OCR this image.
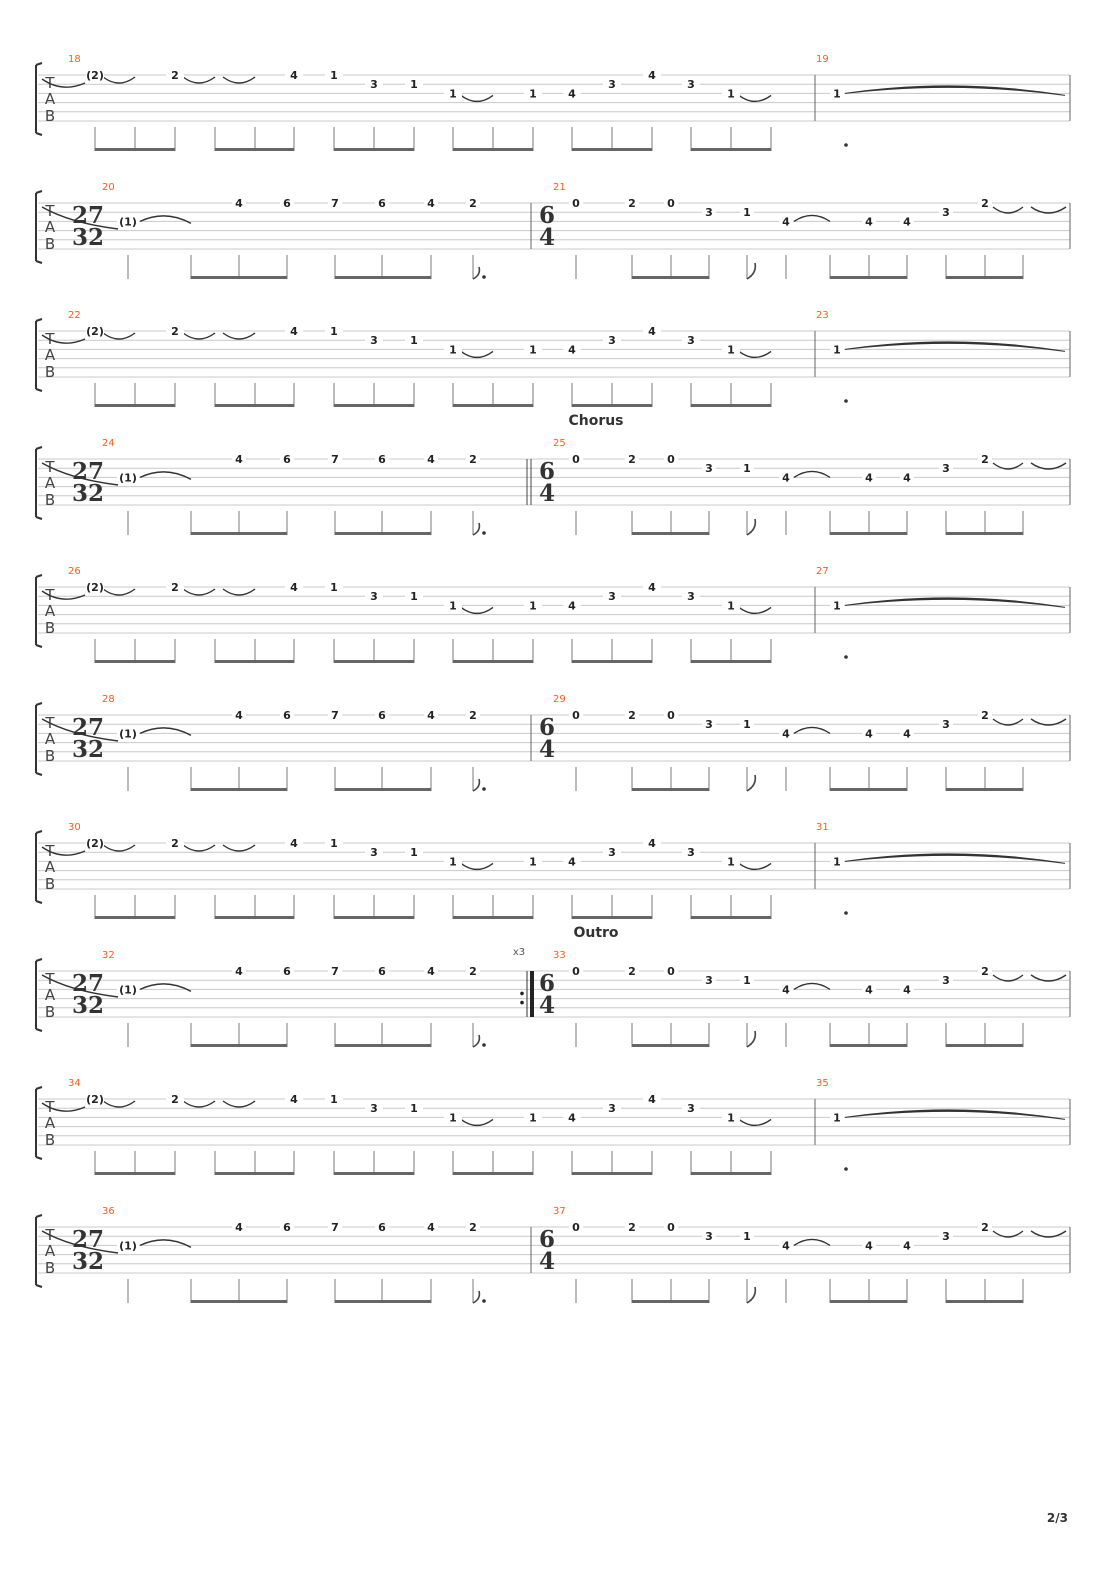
T
A
B
18	19
(2)	2	4	1
3	1
1	1	4
3
4
3
1	1
T
A
B
20	21
27
32
6
4
(1)
4	6	7	6	4	2	0	2	0
3	1
4	4	4
3
2
T
A
B
22	23
(2)	2	4	1
3	1
1	1	4
3
4
3
1	1
T
A
B
24	25
Chorus
27
32
6
4
(1)
4	6	7	6	4	2	0	2	0
3	1
4	4	4
3
2
T
A
B
26	27
(2)	2	4	1
3	1
1	1	4
3
4
3
1	1
T
A
B
28	29
27
32
6
4
(1)
4	6	7	6	4	2	0	2	0
3	1
4	4	4
3
2
T
A
B
30	31
(2)	2	4	1
3	1
1	1	4
3
4
3
1	1
T
A
B
32	33
Outro
x3
27
32
6
4
(1)
4	6	7	6	4	2	0	2	0
3	1
4	4	4
3
2
T
A
B
34	35
(2)	2	4	1
3	1
1	1	4
3
4
3
1	1
T
A
B
36	37
27
32
6
4
(1)
4	6	7	6	4	2	0	2	0
3	1
4	4	4
3
2
2/3
